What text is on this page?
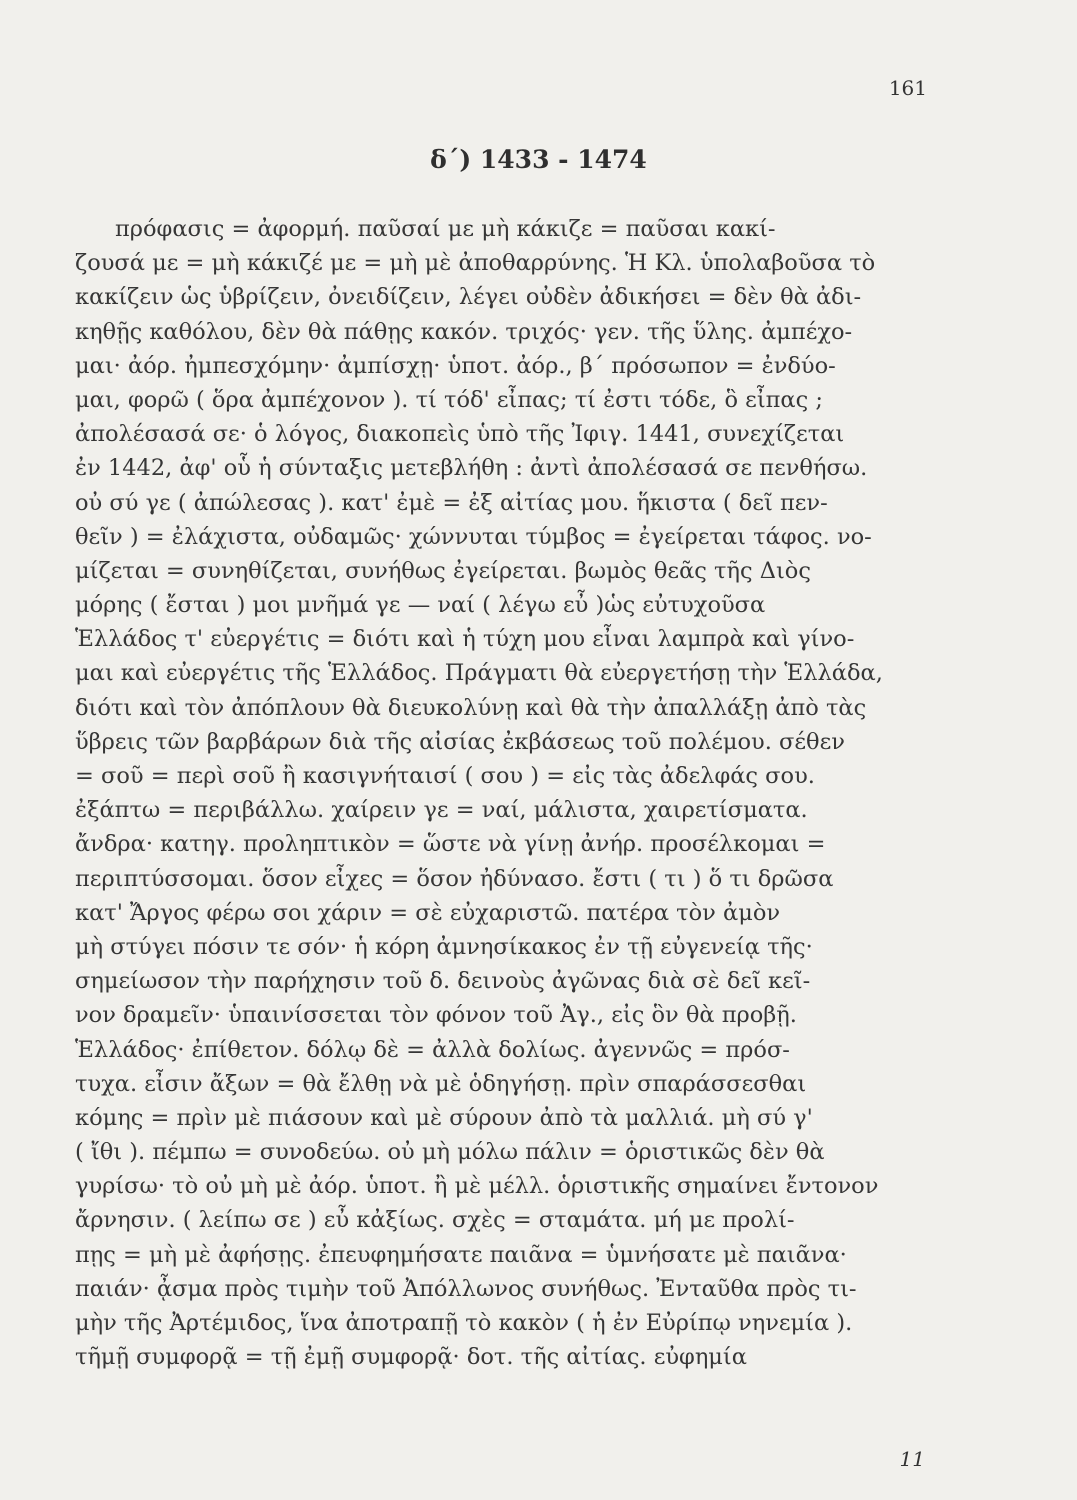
161
δ΄) 1433 - 1474
πρόφασις = ἀφορμή. παῦσαί με μὴ κάκιζε = παῦσαι κακί-
ζουσά με = μὴ κάκιζέ με = μὴ μὲ ἀποθαρρύνης. Ἡ Κλ. ὑπολαβοῦσα τὸ
κακίζειν ὡς ὑβρίζειν, ὀνειδίζειν, λέγει οὐδὲν ἀδικήσει = δὲν θὰ ἀδι-
κηθῇς καθόλου, δὲν θὰ πάθῃς κακόν. τριχός· γεν. τῆς ὕλης. ἀμπέχο-
μαι· ἀόρ. ἠμπεσχόμην· ἀμπίσχῃ· ὑποτ. ἀόρ., β΄ πρόσωπον = ἐνδύο-
μαι, φορῶ ( ὅρα ἀμπέχονον ). τί τόδ' εἶπας; τί ἐστι τόδε, ὃ εἶπας ;
ἀπολέσασά σε· ὁ λόγος, διακοπεὶς ὑπὸ τῆς Ἰφιγ. 1441, συνεχίζεται
ἐν 1442, ἀφ' οὗ ἡ σύνταξις μετεβλήθη : ἀντὶ ἀπολέσασά σε πενθήσω.
οὐ σύ γε ( ἀπώλεσας ). κατ' ἐμὲ = ἐξ αἰτίας μου. ἥκιστα ( δεῖ πεν-
θεῖν ) = ἐλάχιστα, οὐδαμῶς· χώννυται τύμβος = ἐγείρεται τάφος. νο-
μίζεται = συνηθίζεται, συνήθως ἐγείρεται. βωμὸς θεᾶς τῆς Διὸς
μόρης ( ἔσται ) μοι μνῆμά γε — ναί ( λέγω εὖ )ὡς εὐτυχοῦσα
Ἑλλάδος τ' εὐεργέτις = διότι καὶ ἡ τύχη μου εἶναι λαμπρὰ καὶ γίνο-
μαι καὶ εὐεργέτις τῆς Ἑλλάδος. Πράγματι θὰ εὐεργετήσῃ τὴν Ἑλλάδα,
διότι καὶ τὸν ἀπόπλουν θὰ διευκολύνῃ καὶ θὰ τὴν ἀπαλλάξῃ ἀπὸ τὰς
ὕβρεις τῶν βαρβάρων διὰ τῆς αἰσίας ἐκβάσεως τοῦ πολέμου. σέθεν
= σοῦ = περὶ σοῦ ἢ κασιγνήταισί ( σου ) = εἰς τὰς ἀδελφάς σου.
ἐξάπτω = περιβάλλω. χαίρειν γε = ναί, μάλιστα, χαιρετίσματα.
ἄνδρα· κατηγ. προληπτικὸν = ὥστε νὰ γίνῃ ἀνήρ. προσέλκομαι =
περιπτύσσομαι. ὅσον εἶχες = ὅσον ἠδύνασο. ἔστι ( τι ) ὅ τι δρῶσα
κατ' Ἄργος φέρω σοι χάριν = σὲ εὐχαριστῶ. πατέρα τὸν ἀμὸν
μὴ στύγει πόσιν τε σόν· ἡ κόρη ἀμνησίκακος ἐν τῇ εὐγενείᾳ τῆς·
σημείωσον τὴν παρήχησιν τοῦ δ. δεινοὺς ἀγῶνας διὰ σὲ δεῖ κεῖ-
νον δραμεῖν· ὑπαινίσσεται τὸν φόνον τοῦ Ἀγ., εἰς ὃν θὰ προβῇ.
Ἑλλάδος· ἐπίθετον. δόλῳ δὲ = ἀλλὰ δολίως. ἀγεννῶς = πρόσ-
τυχα. εἶσιν ἄξων = θὰ ἔλθῃ νὰ μὲ ὁδηγήσῃ. πρὶν σπαράσσεσθαι
κόμης = πρὶν μὲ πιάσουν καὶ μὲ σύρουν ἀπὸ τὰ μαλλιά. μὴ σύ γ'
( ἴθι ). πέμπω = συνοδεύω. οὐ μὴ μόλω πάλιν = ὁριστικῶς δὲν θὰ
γυρίσω· τὸ οὐ μὴ μὲ ἀόρ. ὑποτ. ἢ μὲ μέλλ. ὁριστικῆς σημαίνει ἔντονον
ἄρνησιν. ( λείπω σε ) εὖ κἀξίως. σχὲς = σταμάτα. μή με προλί-
πῃς = μὴ μὲ ἀφήσῃς. ἐπευφημήσατε παιᾶνα = ὑμνήσατε μὲ παιᾶνα·
παιάν· ᾆσμα πρὸς τιμὴν τοῦ Ἀπόλλωνος συνήθως. Ἐνταῦθα πρὸς τι-
μὴν τῆς Ἀρτέμιδος, ἵνα ἀποτραπῇ τὸ κακὸν ( ἡ ἐν Εὐρίπῳ νηνεμία ).
τῆμῇ συμφορᾷ = τῇ ἐμῇ συμφορᾷ· δοτ. τῆς αἰτίας. εὐφημία
11
